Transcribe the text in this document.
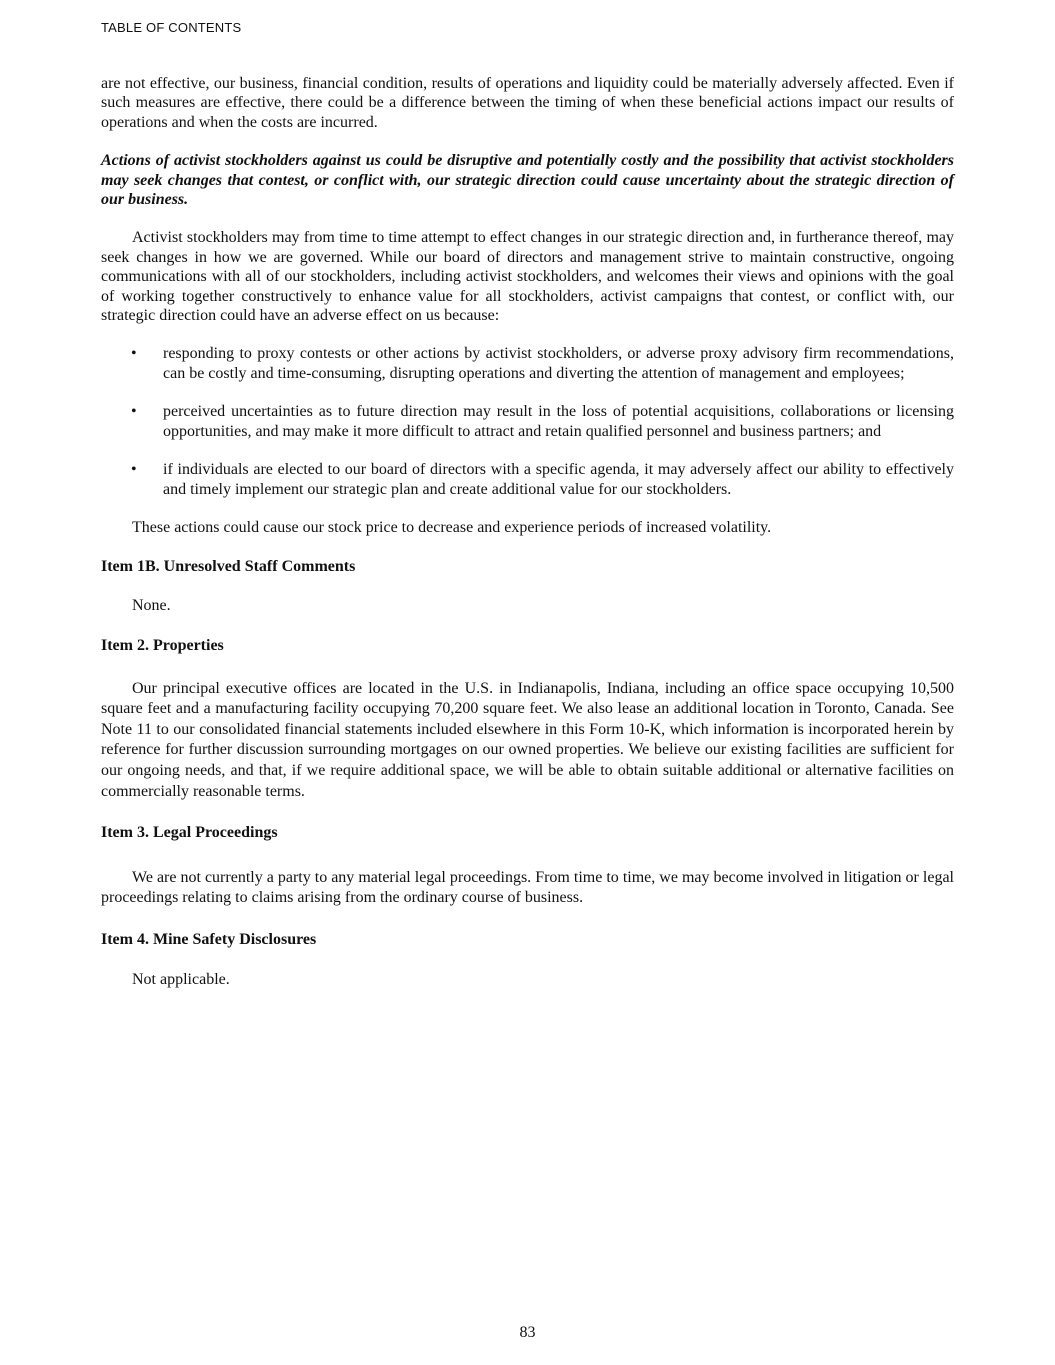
TABLE OF CONTENTS

are not effective, our business, financial condition, results of operations and liquidity could be materially adversely affected. Even if such measures are effective, there could be a difference between the timing of when these beneficial actions impact our results of operations and when the costs are incurred.

Actions of activist stockholders against us could be disruptive and potentially costly and the possibility that activist stockholders may seek changes that contest, or conflict with, our strategic direction could cause uncertainty about the strategic direction of our business.

Activist stockholders may from time to time attempt to effect changes in our strategic direction and, in furtherance thereof, may seek changes in how we are governed. While our board of directors and management strive to maintain constructive, ongoing communications with all of our stockholders, including activist stockholders, and welcomes their views and opinions with the goal of working together constructively to enhance value for all stockholders, activist campaigns that contest, or conflict with, our strategic direction could have an adverse effect on us because:

• responding to proxy contests or other actions by activist stockholders, or adverse proxy advisory firm recommendations, can be costly and time-consuming, disrupting operations and diverting the attention of management and employees;
• perceived uncertainties as to future direction may result in the loss of potential acquisitions, collaborations or licensing opportunities, and may make it more difficult to attract and retain qualified personnel and business partners; and
• if individuals are elected to our board of directors with a specific agenda, it may adversely affect our ability to effectively and timely implement our strategic plan and create additional value for our stockholders.

These actions could cause our stock price to decrease and experience periods of increased volatility.

Item 1B. Unresolved Staff Comments

None.

Item 2. Properties

Our principal executive offices are located in the U.S. in Indianapolis, Indiana, including an office space occupying 10,500 square feet and a manufacturing facility occupying 70,200 square feet. We also lease an additional location in Toronto, Canada. See Note 11 to our consolidated financial statements included elsewhere in this Form 10-K, which information is incorporated herein by reference for further discussion surrounding mortgages on our owned properties. We believe our existing facilities are sufficient for our ongoing needs, and that, if we require additional space, we will be able to obtain suitable additional or alternative facilities on commercially reasonable terms.

Item 3. Legal Proceedings

We are not currently a party to any material legal proceedings. From time to time, we may become involved in litigation or legal proceedings relating to claims arising from the ordinary course of business.

Item 4. Mine Safety Disclosures

Not applicable.

83
